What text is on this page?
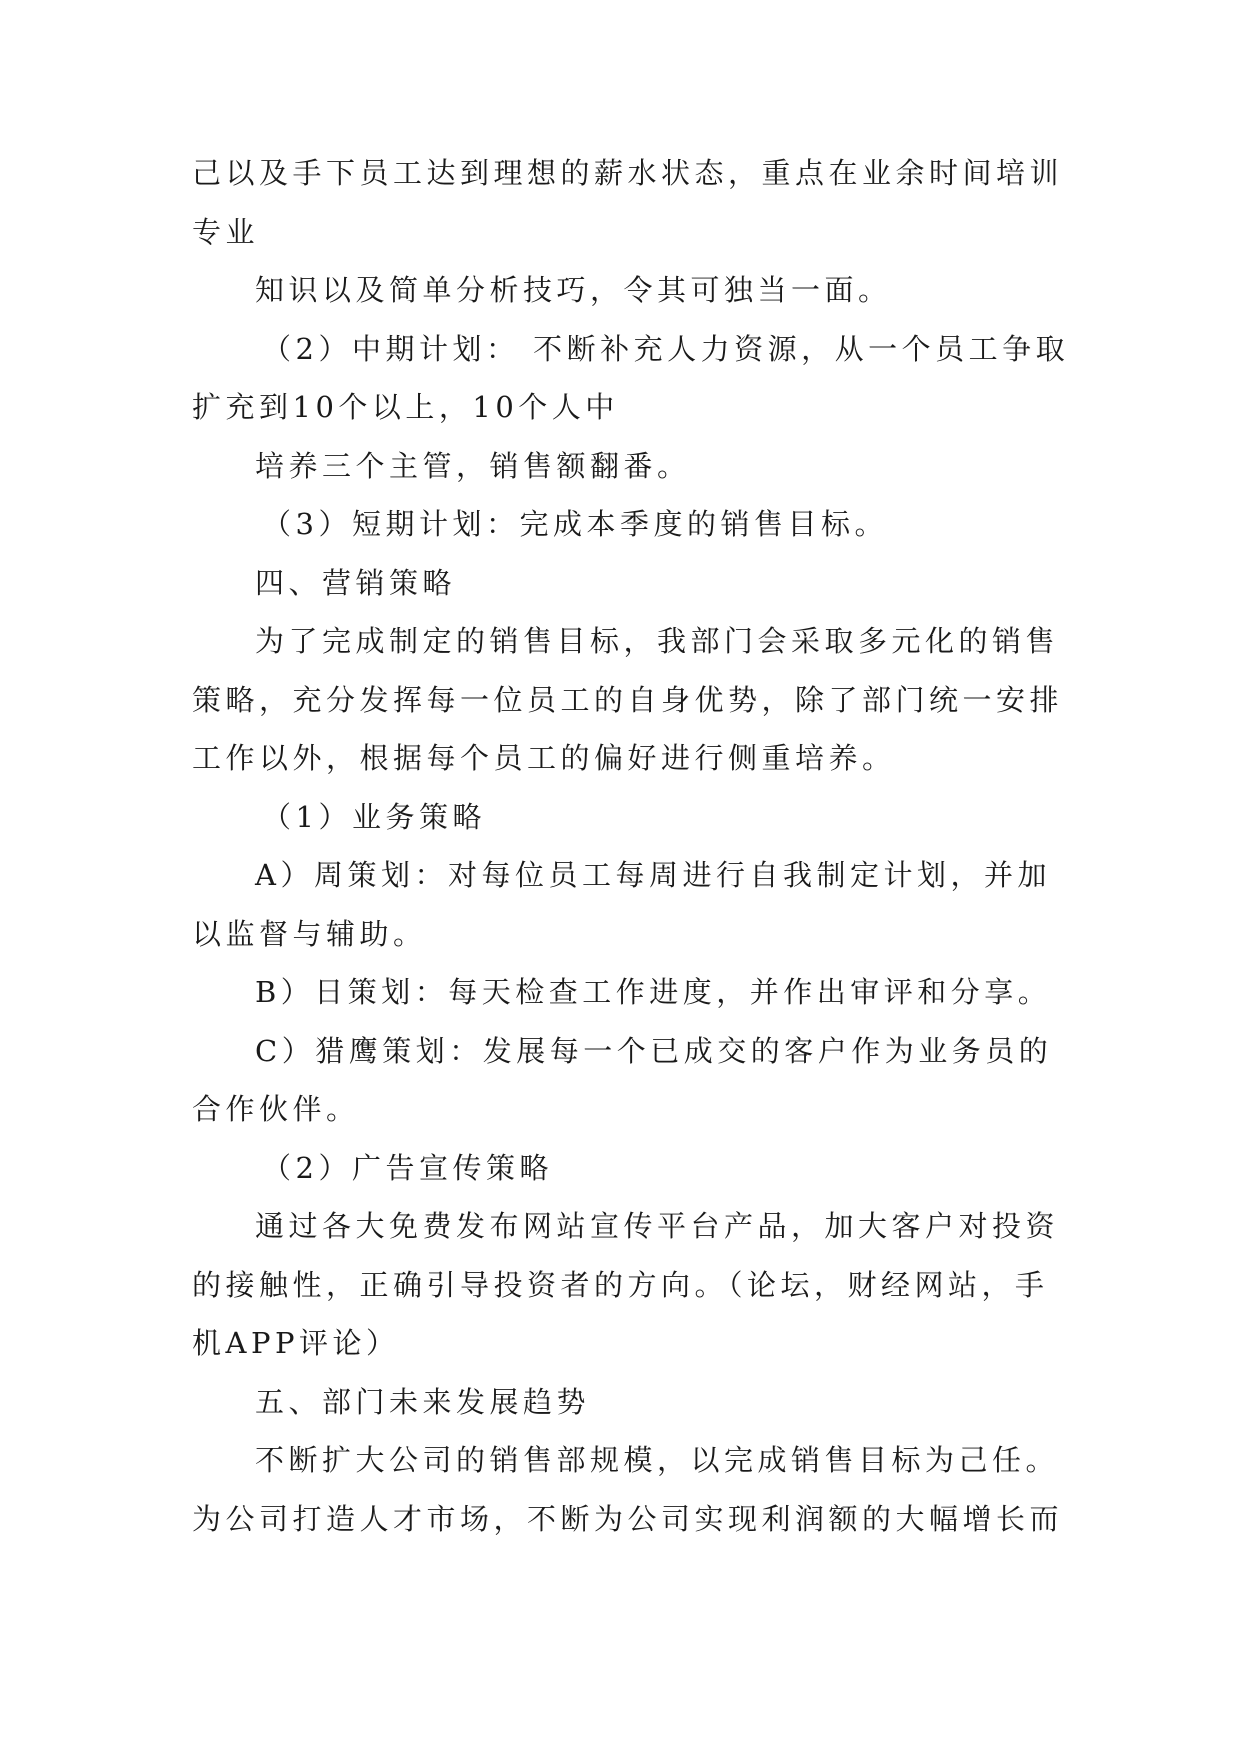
己以及手下员工达到理想的薪水状态，重点在业余时间培训专业

知识以及简单分析技巧，令其可独当一面。

（2）中期计划： 不断补充人力资源，从一个员工争取扩充到10个以上，10个人中

培养三个主管，销售额翻番。

（3）短期计划：完成本季度的销售目标。

四、营销策略

为了完成制定的销售目标，我部门会采取多元化的销售策略，充分发挥每一位员工的自身优势，除了部门统一安排工作以外，根据每个员工的偏好进行侧重培养。

（1）业务策略

A）周策划：对每位员工每周进行自我制定计划，并加以监督与辅助。

B）日策划：每天检查工作进度，并作出审评和分享。

C）猎鹰策划：发展每一个已成交的客户作为业务员的合作伙伴。

（2）广告宣传策略

通过各大免费发布网站宣传平台产品，加大客户对投资的接触性，正确引导投资者的方向。（论坛，财经网站，手机APP评论）

五、部门未来发展趋势

不断扩大公司的销售部规模，以完成销售目标为己任。为公司打造人才市场，不断为公司实现利润额的大幅增长而
